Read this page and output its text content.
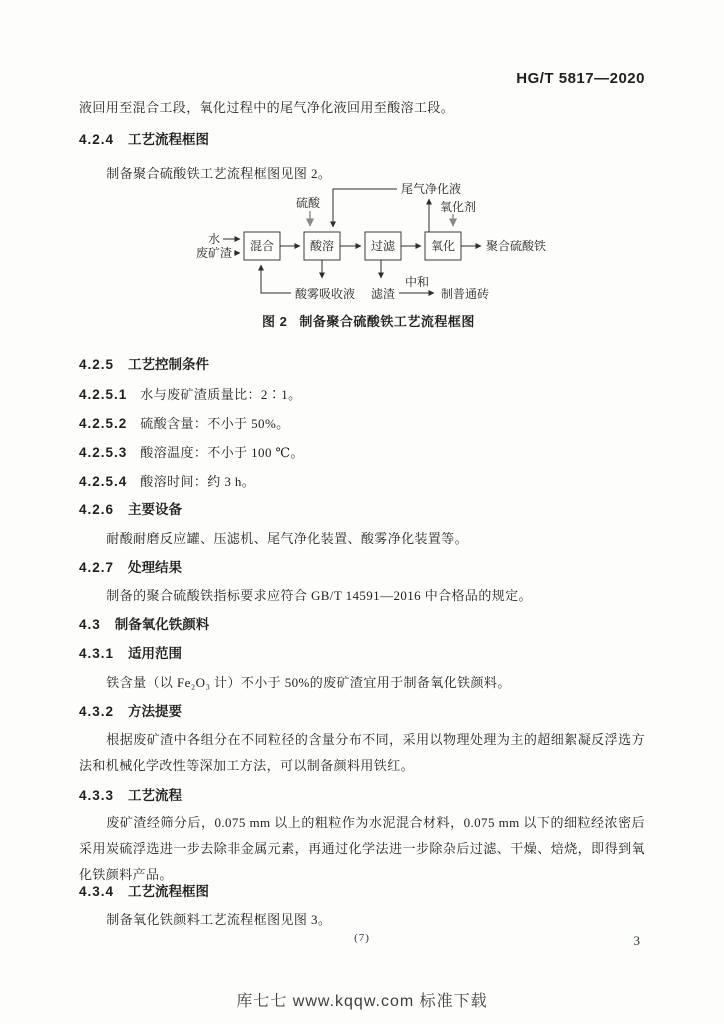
HG/T 5817—2020

液回用至混合工段，氧化过程中的尾气净化液回用至酸溶工段。

4.2.4 工艺流程框图

制备聚合硫酸铁工艺流程框图见图 2。

混合	酸溶	过滤	氧化
水
废矿渣	聚合硫酸铁
硫酸
尾气净化液
氧化剂
酸雾吸收液 滤渣
中和
制普通砖
图 2 制备聚合硫酸铁工艺流程框图
4.2.5 工艺控制条件
4.2.5.1 水与废矿渣质量比：2∶1。
4.2.5.2 硫酸含量：不小于 50%。
4.2.5.3 酸溶温度：不小于 100 ℃。
4.2.5.4 酸溶时间：约 3 h。
4.2.6 主要设备

耐酸耐磨反应罐、压滤机、尾气净化装置、酸雾净化装置等。

4.2.7 处理结果

制备的聚合硫酸铁指标要求应符合 GB/T 14591—2016 中合格品的规定。

4.3 制备氧化铁颜料
4.3.1 适用范围

铁含量（以 Fe₂O₃ 计）不小于 50%的废矿渣宜用于制备氧化铁颜料。

4.3.2 方法提要

根据废矿渣中各组分在不同粒径的含量分布不同，采用以物理处理为主的超细絮凝反浮选方法和机械化学改性等深加工方法，可以制备颜料用铁红。

4.3.3 工艺流程

废矿渣经筛分后，0.075 mm 以上的粗粒作为水泥混合材料，0.075 mm 以下的细粒经浓密后采用炭硫浮选进一步去除非金属元素，再通过化学法进一步除杂后过滤、干燥、焙烧，即得到氧化铁颜料产品。

4.3.4 工艺流程框图

制备氧化铁颜料工艺流程框图见图 3。

(7)	3
库七七 www.kqqw.com 标准下载
